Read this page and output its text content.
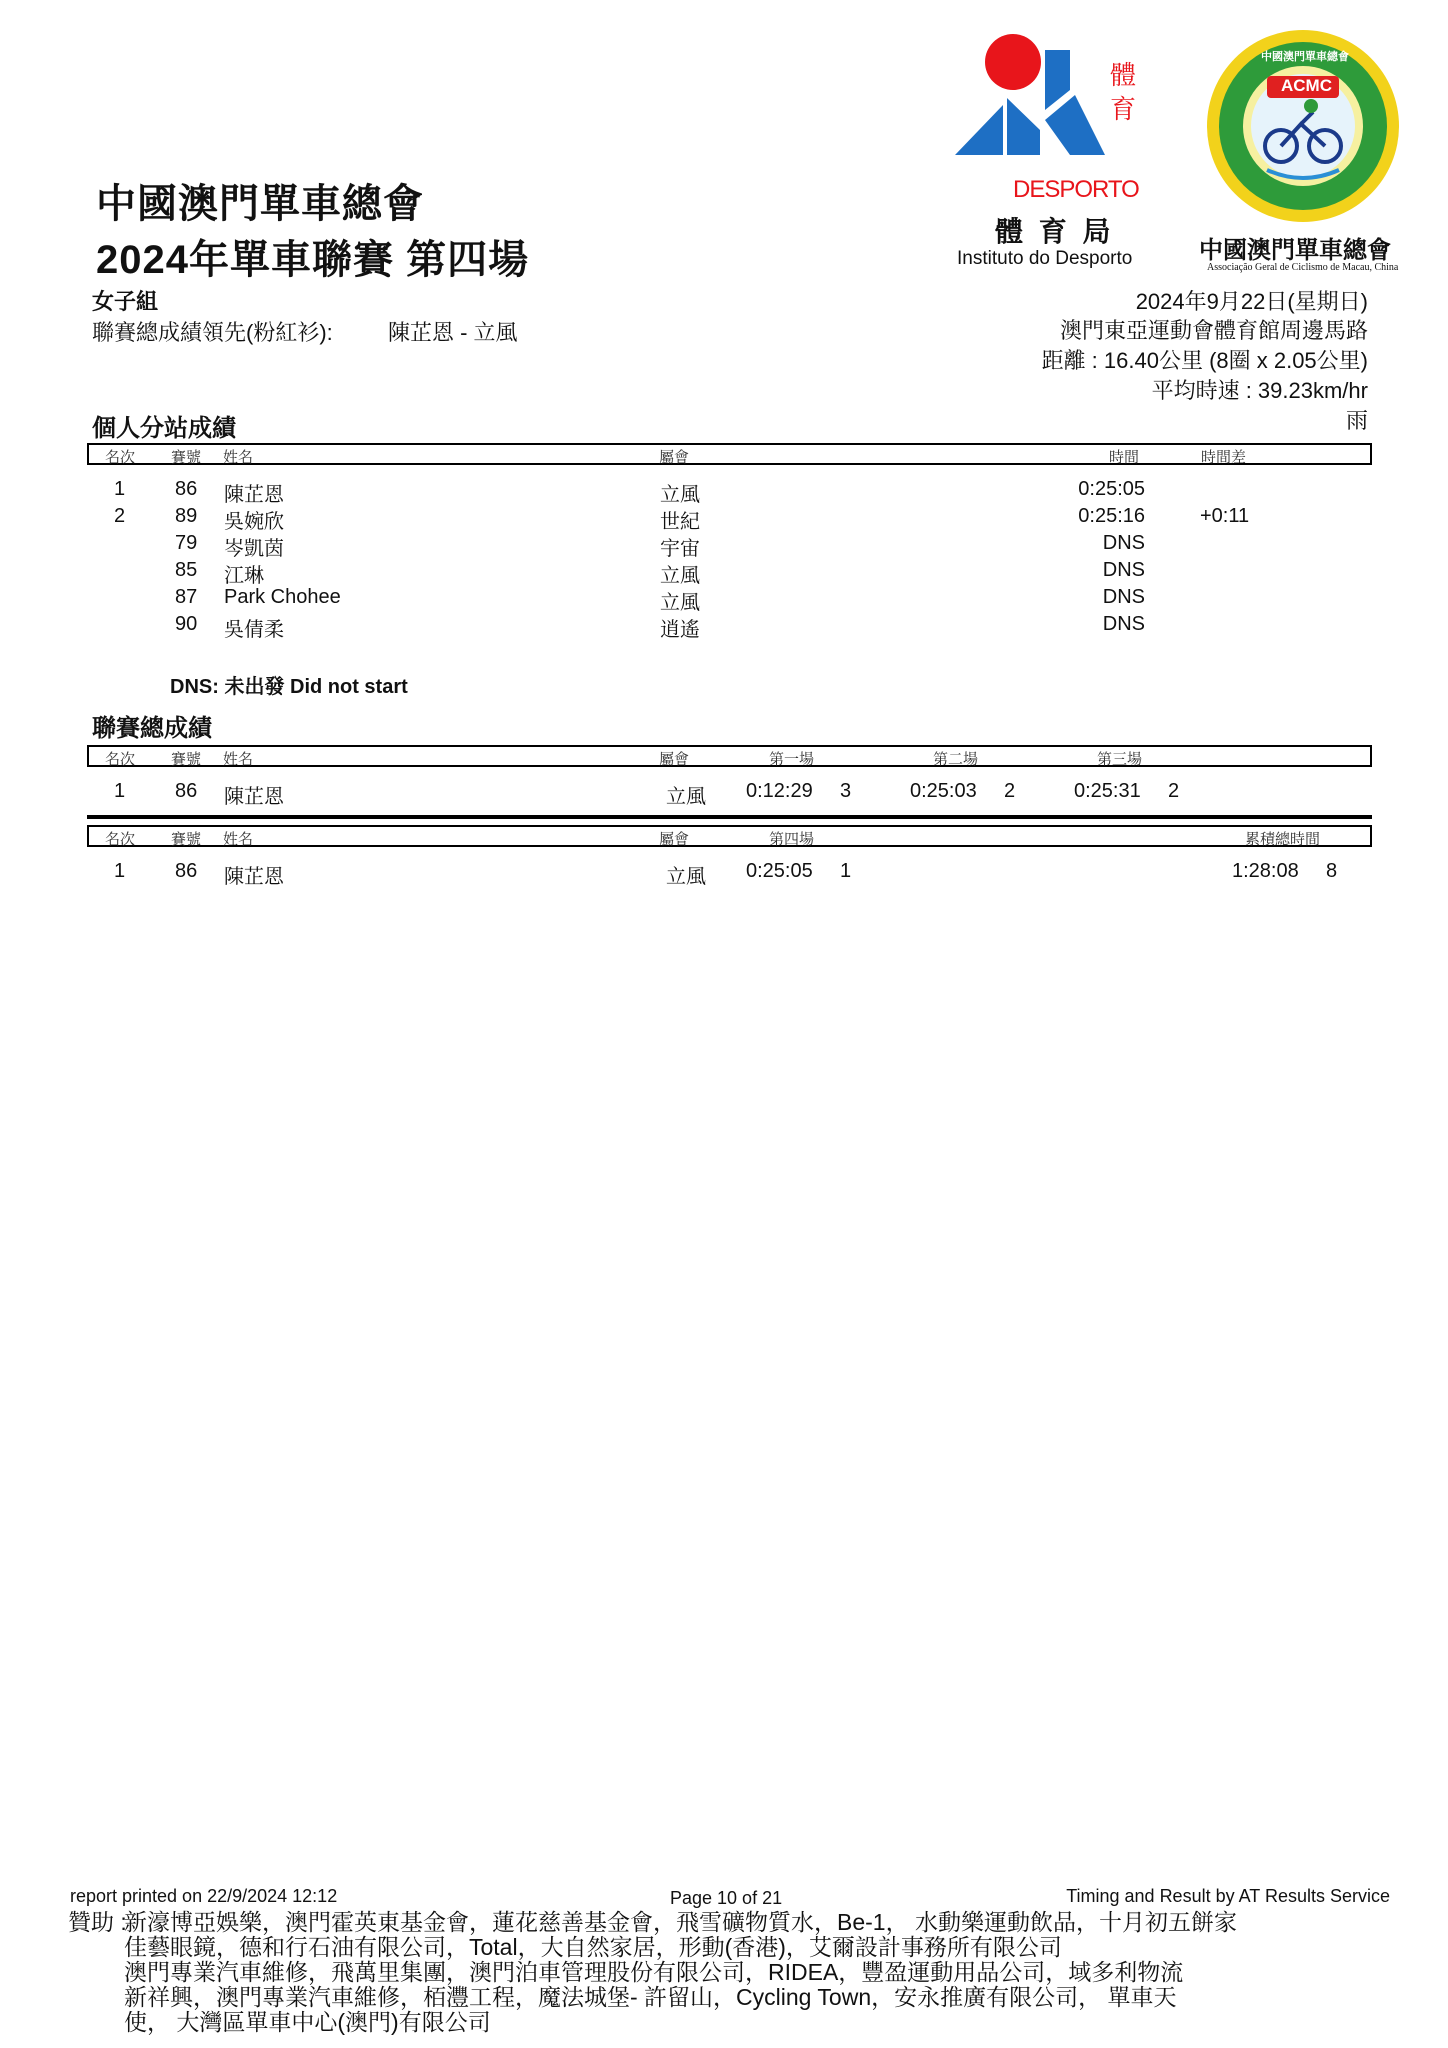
中國澳門單車總會
2024年單車聯賽 第四場
女子組
聯賽總成績領先(粉紅衫):	陳芷恩 - 立風
體
育
DESPORTO
體 育 局
Instituto do Desporto
ACMC
中國澳門單車總會
中國澳門單車總會
Associação Geral de Ciclismo de Macau, China
2024年9月22日(星期日)
澳門東亞運動會體育館周邊馬路
距離 : 16.40公里 (8圈 x 2.05公里)
平均時速 : 39.23km/hr
雨
個人分站成績
名次 賽號 姓名	屬會	時間	時間差
1 86 陳芷恩	立風	0:25:05
2 89 吳婉欣	世紀	0:25:16	+0:11
79 岑凱茵	宇宙	DNS
85 江琳	立風	DNS
87 Park Chohee	立風	DNS
90 吳倩柔	逍遙	DNS
DNS: 未出發 Did not start
聯賽總成績
名次 賽號 姓名	屬會	第一場	第二場	第三場
1 86 陳芷恩	立風 0:12:29 3	0:25:03 2	0:25:31 2
名次 賽號 姓名	屬會	第四場	累積總時間
1 86 陳芷恩	立風 0:25:05 1	1:28:08 8
report printed on 22/9/2024 12:12	Page 10 of 21	Timing and Result by AT Results Service
贊助 :
新濠博亞娛樂，澳門霍英東基金會，蓮花慈善基金會，飛雪礦物質水，Be-1， 水動樂運動飲品，十月初五餅家
佳藝眼鏡，德和行石油有限公司，Total，大自然家居，形動(香港)，艾爾設計事務所有限公司
澳門專業汽車維修，飛萬里集團，澳門泊車管理股份有限公司，RIDEA，豐盈運動用品公司，域多利物流
新祥興，澳門專業汽車維修，栢灃工程，魔法城堡- 許留山，Cycling Town，安永推廣有限公司， 單車天
使， 大灣區單車中心(澳門)有限公司
